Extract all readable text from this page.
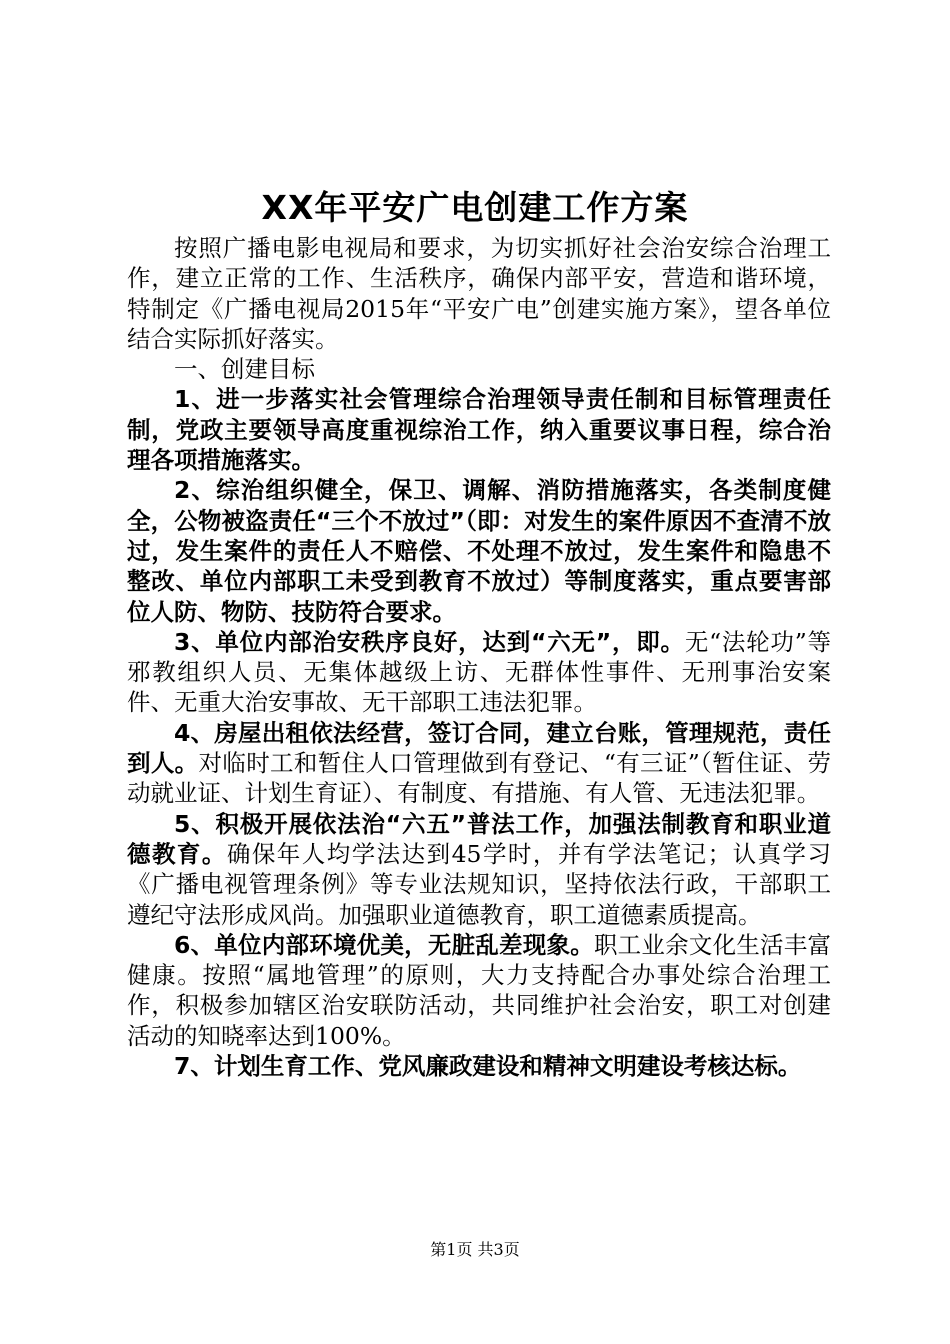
XX年平安广电创建工作方案

按照广播电影电视局和要求，为切实抓好社会治安综合治理工作，建立正常的工作、生活秩序，确保内部平安，营造和谐环境，特制定《广播电视局2015年“平安广电”创建实施方案》，望各单位结合实际抓好落实。

一、创建目标

1、进一步落实社会管理综合治理领导责任制和目标管理责任制，党政主要领导高度重视综治工作，纳入重要议事日程，综合治理各项措施落实。

2、综治组织健全，保卫、调解、消防措施落实，各类制度健全，公物被盗责任“三个不放过”（即：对发生的案件原因不查清不放过，发生案件的责任人不赔偿、不处理不放过，发生案件和隐患不整改、单位内部职工未受到教育不放过）等制度落实，重点要害部位人防、物防、技防符合要求。

3、单位内部治安秩序良好，达到“六无”，即。无“法轮功”等邪教组织人员、无集体越级上访、无群体性事件、无刑事治安案件、无重大治安事故、无干部职工违法犯罪。

4、房屋出租依法经营，签订合同，建立台账，管理规范，责任到人。对临时工和暂住人口管理做到有登记、“有三证”（暂住证、劳动就业证、计划生育证）、有制度、有措施、有人管、无违法犯罪。

5、积极开展依法治“六五”普法工作，加强法制教育和职业道德教育。确保年人均学法达到45学时，并有学法笔记；认真学习《广播电视管理条例》等专业法规知识，坚持依法行政，干部职工遵纪守法形成风尚。加强职业道德教育，职工道德素质提高。

6、单位内部环境优美，无脏乱差现象。职工业余文化生活丰富健康。按照“属地管理”的原则，大力支持配合办事处综合治理工作，积极参加辖区治安联防活动，共同维护社会治安，职工对创建活动的知晓率达到100%。

7、计划生育工作、党风廉政建设和精神文明建设考核达标。

第1页 共3页
